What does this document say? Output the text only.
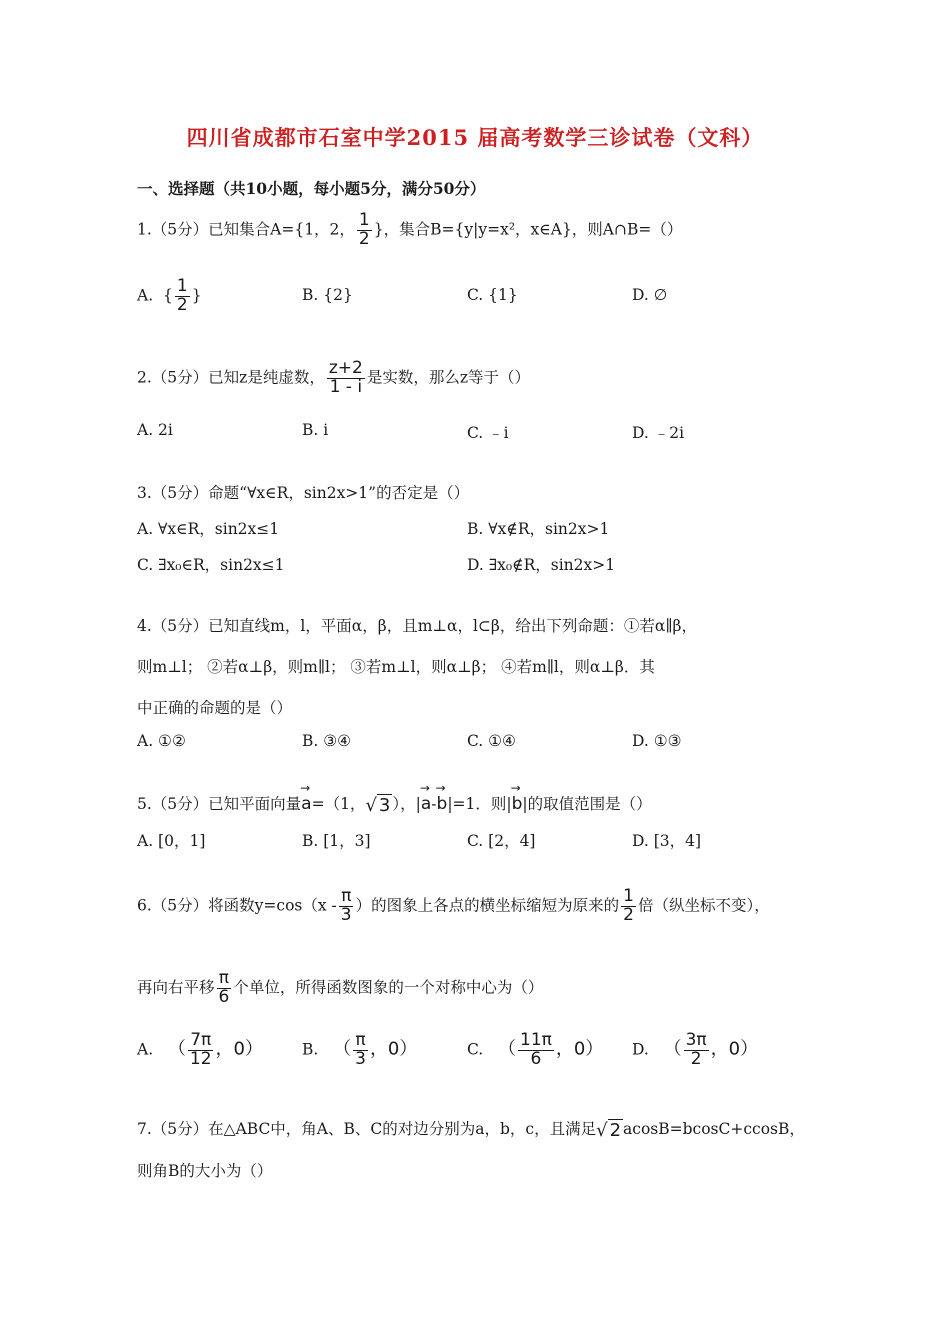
四川省成都市石室中学2015 届高考数学三诊试卷（文科）
一、选择题（共10小题，每小题5分，满分50分）
1.（5分）已知集合A={1，2， $\frac{1}{2}$ }，集合B={y|y=x²，x∈A}，则A∩B=（）
A. { $\frac{1}{2}$ }	B. {2}	C. {1}	D. ∅
2.（5分）已知z是纯虚数， $\frac{z+2}{1 - i}$ 是实数，那么z等于（）
A. 2i	B. i	C. ﹣i	D. ﹣2i
3.（5分）命题“∀x∈R，sin2x>1”的否定是（）
A. ∀x∈R，sin2x≤1	B. ∀x∉R，sin2x>1
C. ∃x₀∈R，sin2x≤1	D. ∃x₀∉R，sin2x>1
4.（5分）已知直线m，l，平面α，β，且m⊥α，l⊂β，给出下列命题：①若α∥β，
则m⊥l； ②若α⊥β，则m∥l； ③若m⊥l，则α⊥β； ④若m∥l，则α⊥β．其
中正确的命题的是（）
A. ①②	B. ③④	C. ①④	D. ①③
5.（5分）已知平面向量→ a=（1，√ 3 ），|→ a-→ b|=1．则|→ b|的取值范围是（）
A. [0，1]	B. [1，3]	C. [2，4]	D. [3，4]
6.（5分）将函数$y=\cos(x - \frac{\pi}{3}$ ）的图象上各点的横坐标缩短为原来的 $\frac{1}{2}$ 倍（纵坐标不变），
再向右平移 $\frac{\pi}{6}$ 个单位，所得函数图象的一个对称中心为（）
A. （ $\frac{7\pi}{12}$ ，0）	B. （ $\frac{\pi}{3}$ ，0）	C. （ $\frac{11\pi}{6}$ ，0） D. （ $\frac{3\pi}{2}$ ，0）
7.（5分）在△ABC中，角A、B、C的对边分别为a，b，c，且满足√ 2 acosB=bcosC+ccosB，
则角B的大小为（）
